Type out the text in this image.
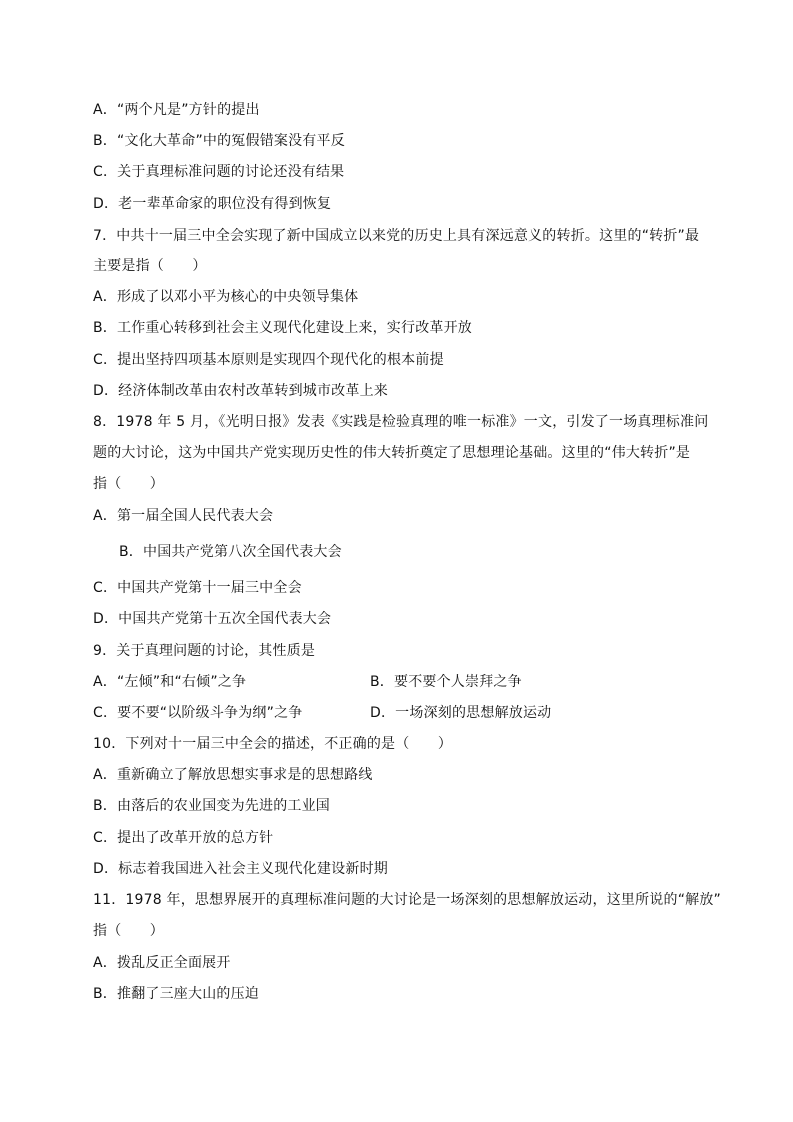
A．“两个凡是”方针的提出
B．“文化大革命”中的冤假错案没有平反
C．关于真理标准问题的讨论还没有结果
D．老一辈革命家的职位没有得到恢复
7．中共十一届三中全会实现了新中国成立以来党的历史上具有深远意义的转折。这里的“转折”最
主要是指（　　）
A．形成了以邓小平为核心的中央领导集体
B．工作重心转移到社会主义现代化建设上来，实行改革开放
C．提出坚持四项基本原则是实现四个现代化的根本前提
D．经济体制改革由农村改革转到城市改革上来
8．1978 年 5 月，《光明日报》发表《实践是检验真理的唯一标准》一文，引发了一场真理标准问
题的大讨论，这为中国共产党实现历史性的伟大转折奠定了思想理论基础。这里的“伟大转折”是
指（　　）
A．第一届全国人民代表大会
B．中国共产党第八次全国代表大会
C．中国共产党第十一届三中全会
D．中国共产党第十五次全国代表大会
9．关于真理问题的讨论，其性质是
A．“左倾”和“右倾”之争	B．要不要个人崇拜之争
C．要不要“以阶级斗争为纲”之争	D．一场深刻的思想解放运动
10．下列对十一届三中全会的描述，不正确的是（　　）
A．重新确立了解放思想实事求是的思想路线
B．由落后的农业国变为先进的工业国
C．提出了改革开放的总方针
D．标志着我国进入社会主义现代化建设新时期
11．1978 年，思想界展开的真理标准问题的大讨论是一场深刻的思想解放运动，这里所说的“解放”
指（　　）
A．拨乱反正全面展开
B．推翻了三座大山的压迫
